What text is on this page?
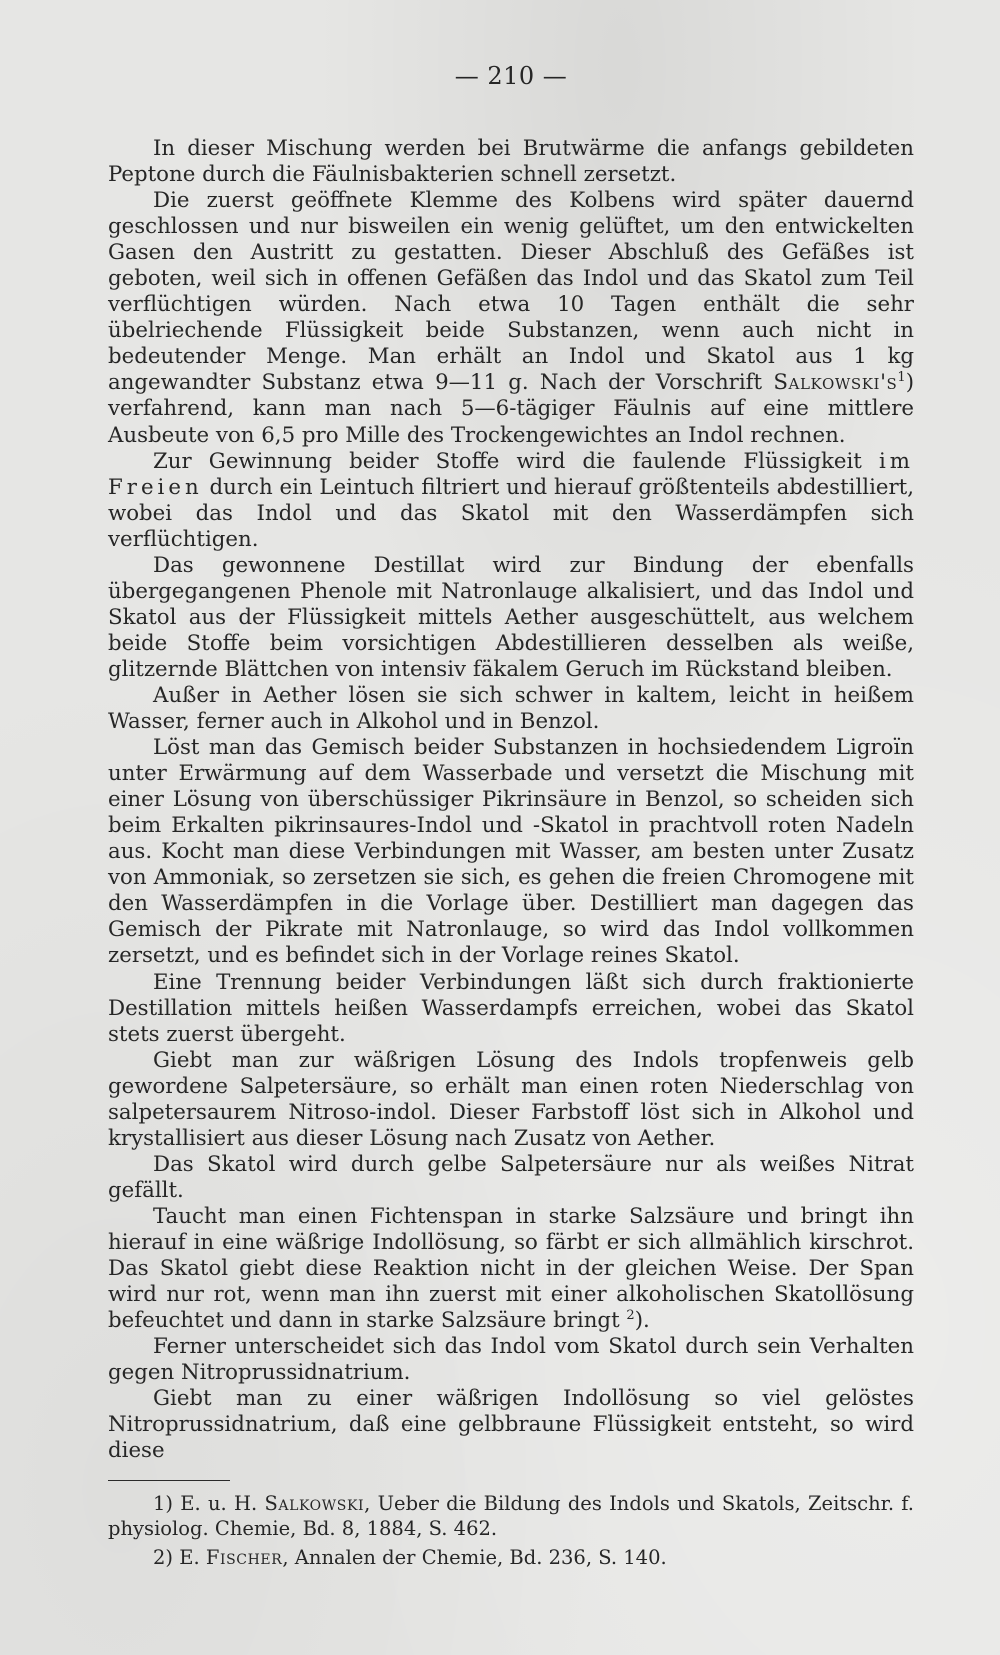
— 210 —

In dieser Mischung werden bei Brutwärme die anfangs gebildeten Peptone durch die Fäulnisbakterien schnell zersetzt.

Die zuerst geöffnete Klemme des Kolbens wird später dauernd geschlossen und nur bisweilen ein wenig gelüftet, um den entwickelten Gasen den Austritt zu gestatten. Dieser Abschluß des Gefäßes ist geboten, weil sich in offenen Gefäßen das Indol und das Skatol zum Teil verflüchtigen würden. Nach etwa 10 Tagen enthält die sehr übelriechende Flüssigkeit beide Substanzen, wenn auch nicht in bedeutender Menge. Man erhält an Indol und Skatol aus 1 kg angewandter Substanz etwa 9—11 g. Nach der Vorschrift $Salkowski's^1$) verfahrend, kann man nach 5—6-tägiger Fäulnis auf eine mittlere Ausbeute von 6,5 pro Mille des Trockengewichtes an Indol rechnen.

Zur Gewinnung beider Stoffe wird die faulende Flüssigkeit im Freien durch ein Leintuch filtriert und hierauf größtenteils abdestilliert, wobei das Indol und das Skatol mit den Wasserdämpfen sich verflüchtigen.

Das gewonnene Destillat wird zur Bindung der ebenfalls übergegangenen Phenole mit Natronlauge alkalisiert, und das Indol und Skatol aus der Flüssigkeit mittels Aether ausgeschüttelt, aus welchem beide Stoffe beim vorsichtigen Abdestillieren desselben als weiße, glitzernde Blättchen von intensiv fäkalem Geruch im Rückstand bleiben.

Außer in Aether lösen sie sich schwer in kaltem, leicht in heißem Wasser, ferner auch in Alkohol und in Benzol.

Löst man das Gemisch beider Substanzen in hochsiedendem Ligroïn unter Erwärmung auf dem Wasserbade und versetzt die Mischung mit einer Lösung von überschüssiger Pikrinsäure in Benzol, so scheiden sich beim Erkalten pikrinsaures-Indol und -Skatol in prachtvoll roten Nadeln aus. Kocht man diese Verbindungen mit Wasser, am besten unter Zusatz von Ammoniak, so zersetzen sie sich, es gehen die freien Chromogene mit den Wasserdämpfen in die Vorlage über. Destilliert man dagegen das Gemisch der Pikrate mit Natronlauge, so wird das Indol vollkommen zersetzt, und es befindet sich in der Vorlage reines Skatol.

Eine Trennung beider Verbindungen läßt sich durch fraktionierte Destillation mittels heißen Wasserdampfs erreichen, wobei das Skatol stets zuerst übergeht.

Giebt man zur wäßrigen Lösung des Indols tropfenweis gelb gewordene Salpetersäure, so erhält man einen roten Niederschlag von salpetersaurem Nitroso-indol. Dieser Farbstoff löst sich in Alkohol und krystallisiert aus dieser Lösung nach Zusatz von Aether.

Das Skatol wird durch gelbe Salpetersäure nur als weißes Nitrat gefällt.

Taucht man einen Fichtenspan in starke Salzsäure und bringt ihn hierauf in eine wäßrige Indollösung, so färbt er sich allmählich kirschrot. Das Skatol giebt diese Reaktion nicht in der gleichen Weise. Der Span wird nur rot, wenn man ihn zuerst mit einer alkoholischen Skatollösung befeuchtet und dann in starke Salzsäure bringt $^2$).

Ferner unterscheidet sich das Indol vom Skatol durch sein Verhalten gegen Nitroprussidnatrium.

Giebt man zu einer wäßrigen Indollösung so viel gelöstes Nitroprussidnatrium, daß eine gelbbraune Flüssigkeit entsteht, so wird diese

1) E. u. H. Salkowski, Ueber die Bildung des Indols und Skatols, Zeitschr. f. physiolog. Chemie, Bd. 8, 1884, S. 462.

2) E. Fischer, Annalen der Chemie, Bd. 236, S. 140.
